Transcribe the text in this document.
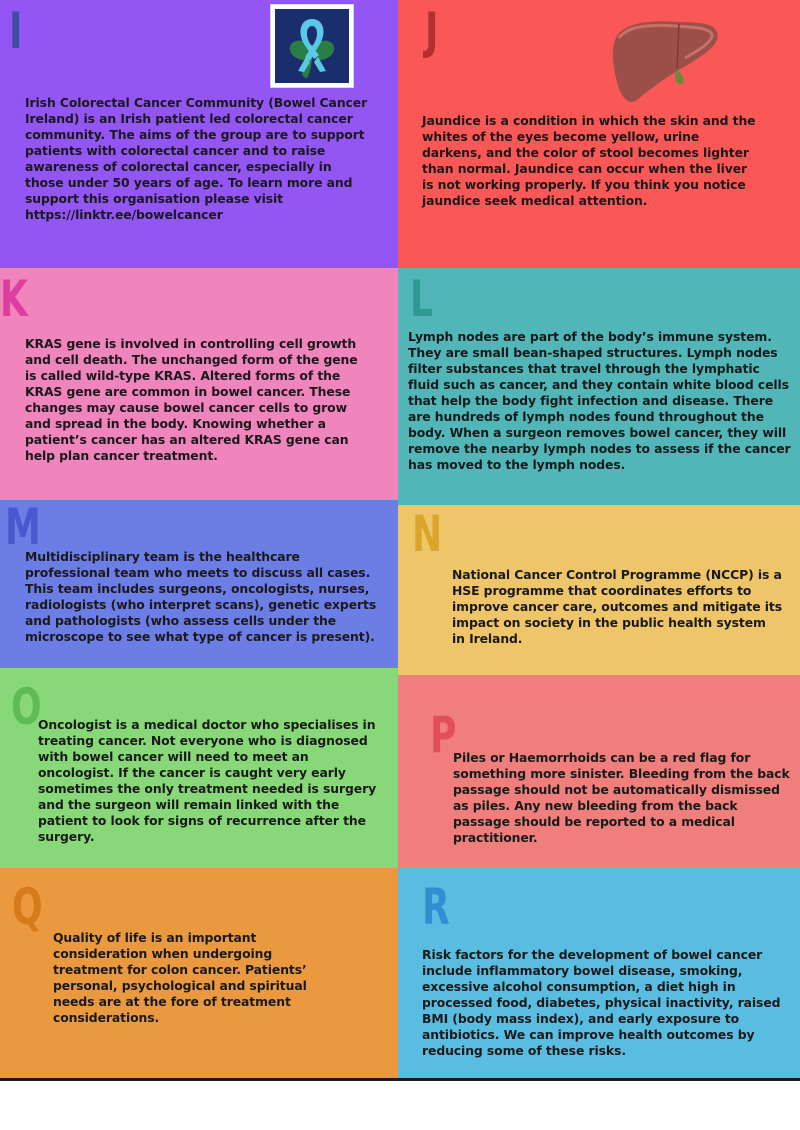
I
Irish Colorectal Cancer Community (Bowel Cancer Ireland) is an Irish patient led colorectal cancer community. The aims of the group are to support patients with colorectal cancer and to raise awareness of colorectal cancer, especially in those under 50 years of age. To learn more and support this organisation please visit https://linktr.ee/bowelcancer
J
Jaundice is a condition in which the skin and the whites of the eyes become yellow, urine darkens, and the color of stool becomes lighter than normal. Jaundice can occur when the liver is not working properly. If you think you notice jaundice seek medical attention.
K
KRAS gene is involved in controlling cell growth and cell death. The unchanged form of the gene is called wild-type KRAS. Altered forms of the KRAS gene are common in bowel cancer. These changes may cause bowel cancer cells to grow and spread in the body. Knowing whether a patient’s cancer has an altered KRAS gene can help plan cancer treatment.
L
Lymph nodes are part of the body’s immune system. They are small bean-shaped structures. Lymph nodes filter substances that travel through the lymphatic fluid such as cancer, and they contain white blood cells that help the body fight infection and disease. There are hundreds of lymph nodes found throughout the body. When a surgeon removes bowel cancer, they will remove the nearby lymph nodes to assess if the cancer has moved to the lymph nodes.
M
Multidisciplinary team is the healthcare professional team who meets to discuss all cases. This team includes surgeons, oncologists, nurses, radiologists (who interpret scans), genetic experts and pathologists (who assess cells under the microscope to see what type of cancer is present).
N
National Cancer Control Programme (NCCP) is a HSE programme that coordinates efforts to improve cancer care, outcomes and mitigate its impact on society in the public health system in Ireland.
O
Oncologist is a medical doctor who specialises in treating cancer. Not everyone who is diagnosed with bowel cancer will need to meet an oncologist. If the cancer is caught very early sometimes the only treatment needed is surgery and the surgeon will remain linked with the patient to look for signs of recurrence after the surgery.
P
Piles or Haemorrhoids can be a red flag for something more sinister. Bleeding from the back passage should not be automatically dismissed as piles. Any new bleeding from the back passage should be reported to a medical practitioner.
Q
Quality of life is an important consideration when undergoing treatment for colon cancer. Patients’ personal, psychological and spiritual needs are at the fore of treatment considerations.
R
Risk factors for the development of bowel cancer include inflammatory bowel disease, smoking, excessive alcohol consumption, a diet high in processed food, diabetes, physical inactivity, raised BMI (body mass index), and early exposure to antibiotics. We can improve health outcomes by reducing some of these risks.
